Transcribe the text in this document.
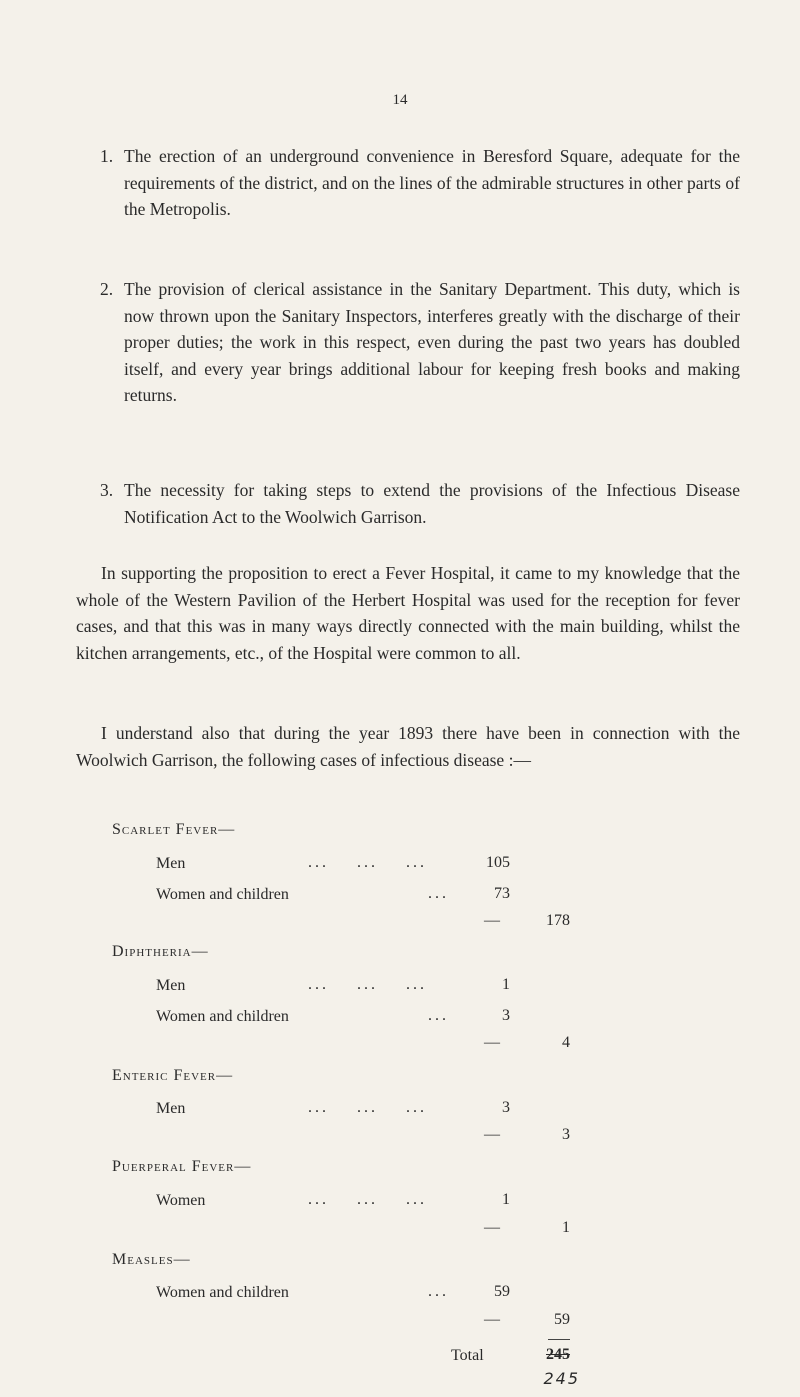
14
1. The erection of an underground convenience in Beresford Square, adequate for the requirements of the district, and on the lines of the admirable structures in other parts of the Metropolis.
2. The provision of clerical assistance in the Sanitary Department. This duty, which is now thrown upon the Sanitary Inspectors, interferes greatly with the discharge of their proper duties; the work in this respect, even during the past two years has doubled itself, and every year brings additional labour for keeping fresh books and making returns.
3. The necessity for taking steps to extend the provisions of the Infectious Disease Notification Act to the Woolwich Garrison.
In supporting the proposition to erect a Fever Hospital, it came to my knowledge that the whole of the Western Pavilion of the Herbert Hospital was used for the reception for fever cases, and that this was in many ways directly connected with the main building, whilst the kitchen arrangements, etc., of the Hospital were common to all.
I understand also that during the year 1893 there have been in connection with the Woolwich Garrison, the following cases of infectious disease :—
Scarlet Fever—
Men	...    ...    ...	105
Women and children	...	73
—	178
Diphtheria—
Men	...    ...    ...	1
Women and children	...	3
—	4
Enteric Fever—
Men	...    ...    ...	3
—	3
Puerperal Fever—
Women	...    ...    ...	1
—	1
Measles—
Women and children	...	59
—	59
Total	245
245
